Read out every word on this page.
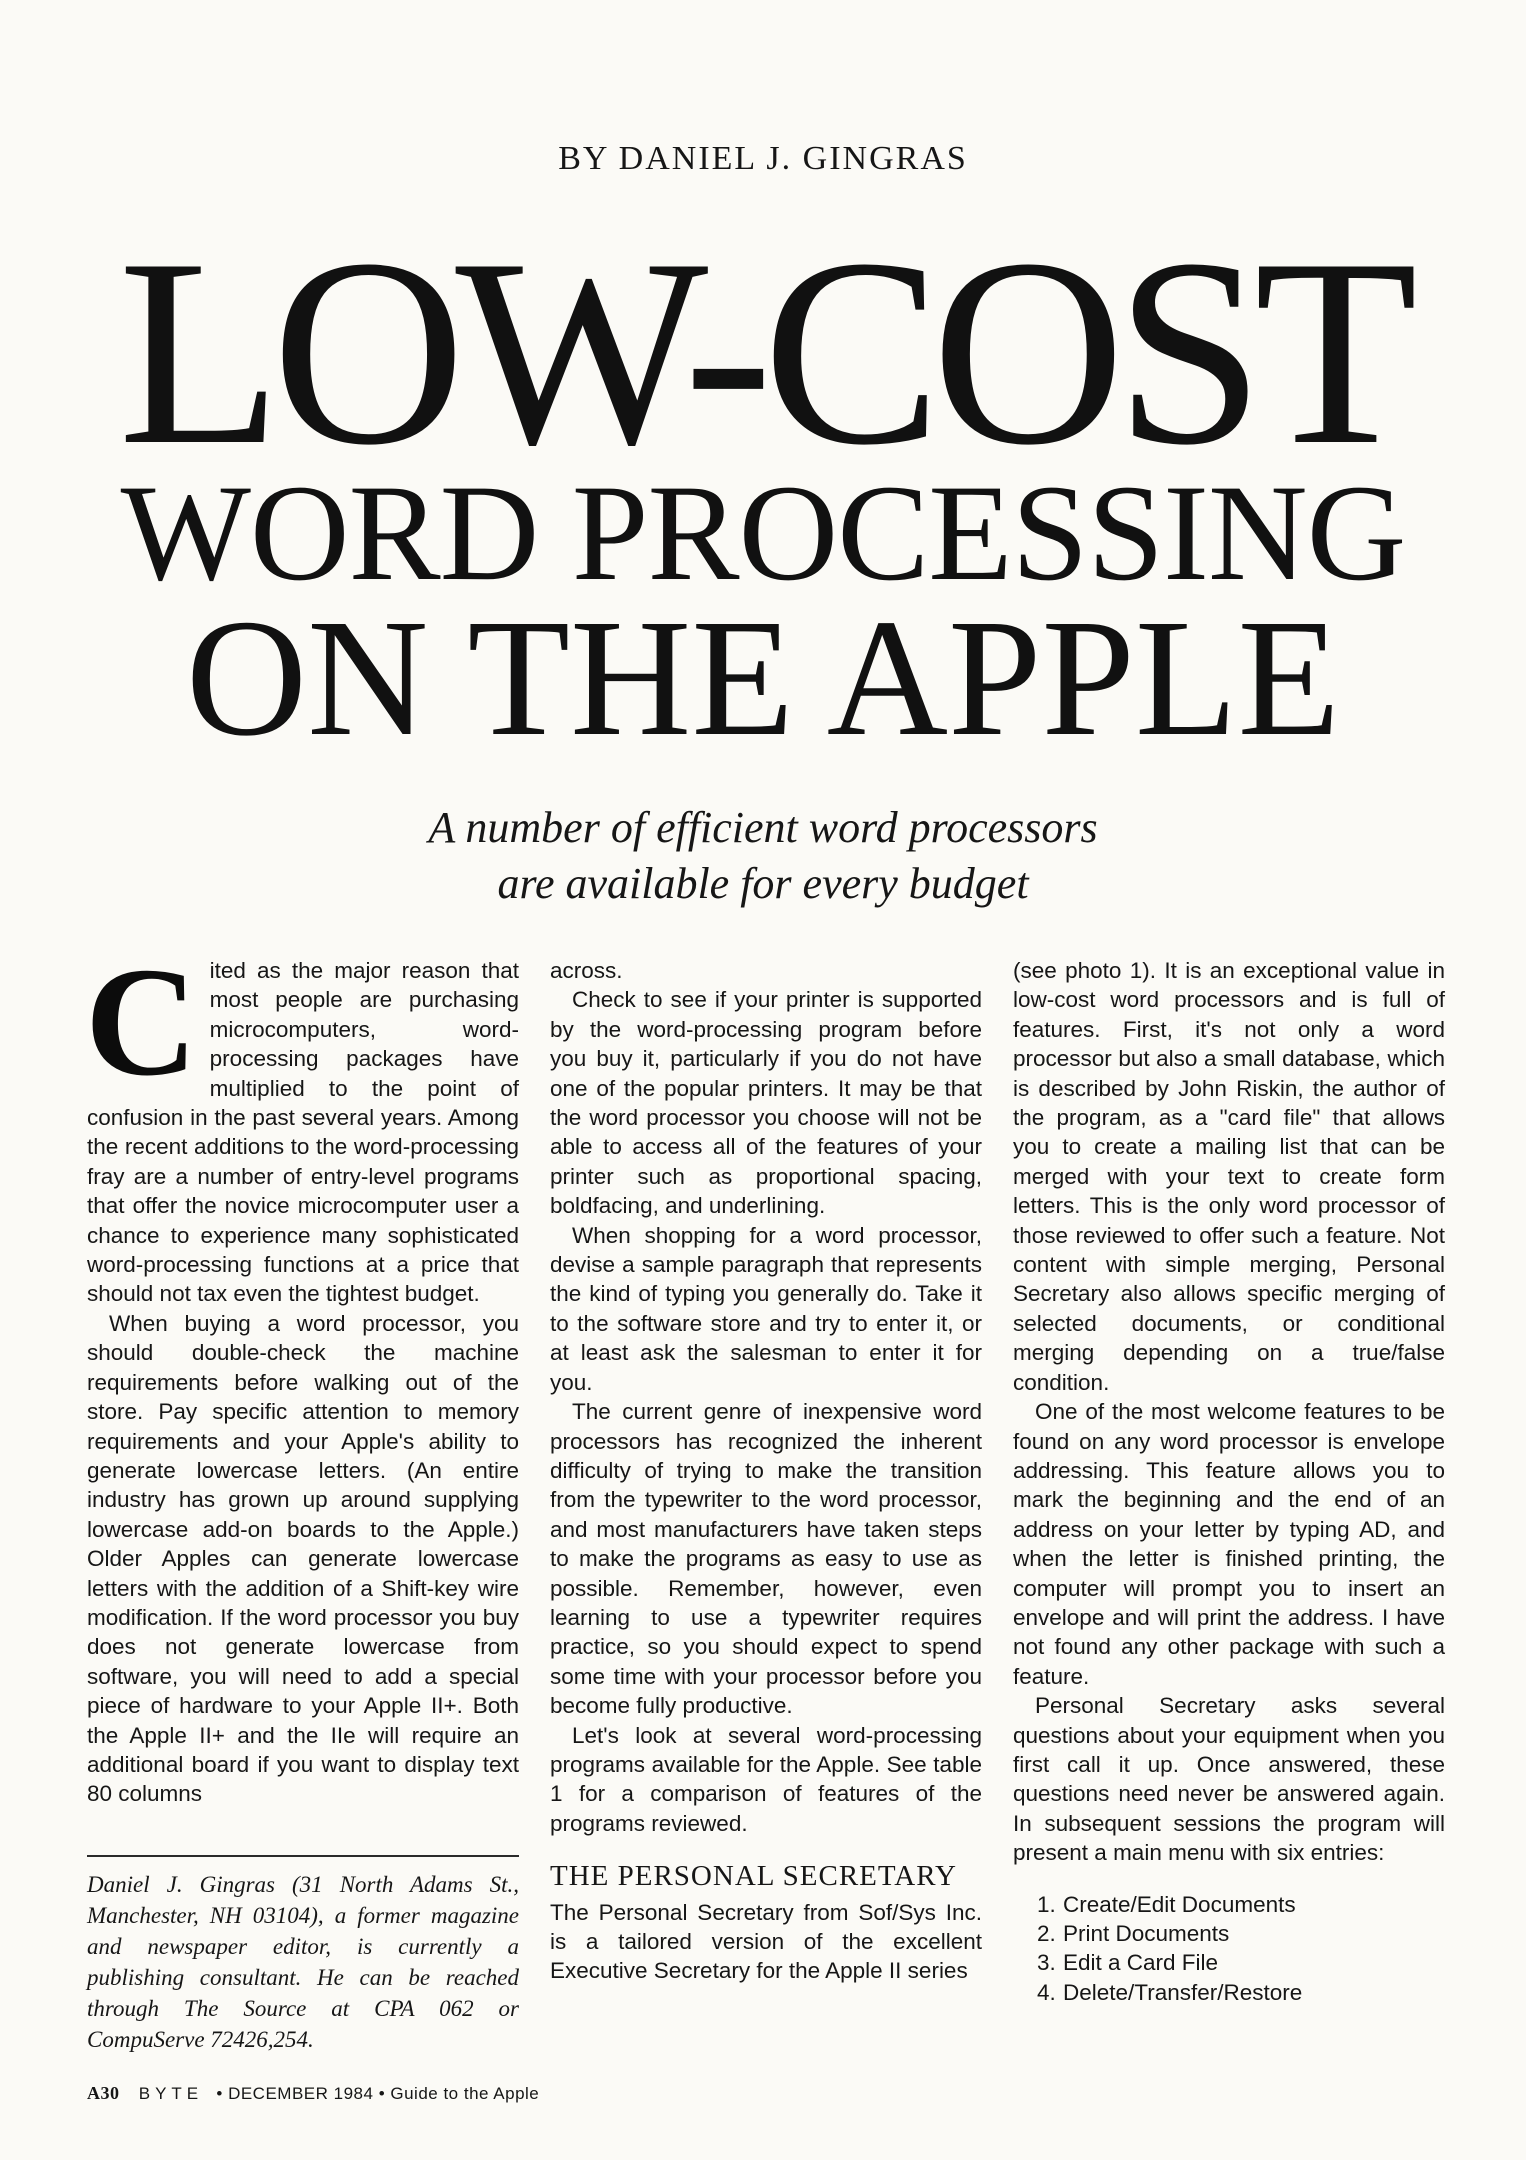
BY DANIEL J. GINGRAS
LOW-COST
WORD PROCESSING
ON THE APPLE
A number of efficient word processors
are available for every budget

Cited as the major reason that most people are purchasing microcomputers, word-processing packages have multiplied to the point of confusion in the past several years. Among the recent additions to the word-processing fray are a number of entry-level programs that offer the novice microcomputer user a chance to experience many sophisticated word-processing functions at a price that should not tax even the tightest budget.

When buying a word processor, you should double-check the machine requirements before walking out of the store. Pay specific attention to memory requirements and your Apple's ability to generate lowercase letters. (An entire industry has grown up around supplying lowercase add-on boards to the Apple.) Older Apples can generate lowercase letters with the addition of a Shift-key wire modification. If the word processor you buy does not generate lowercase from software, you will need to add a special piece of hardware to your Apple II+. Both the Apple II+ and the IIe will require an additional board if you want to display text 80 columns

Daniel J. Gingras (31 North Adams St., Manchester, NH 03104), a former magazine and newspaper editor, is currently a publishing consultant. He can be reached through The Source at CPA 062 or CompuServe 72426,254.

across.

Check to see if your printer is supported by the word-processing program before you buy it, particularly if you do not have one of the popular printers. It may be that the word processor you choose will not be able to access all of the features of your printer such as proportional spacing, boldfacing, and underlining.

When shopping for a word processor, devise a sample paragraph that represents the kind of typing you generally do. Take it to the software store and try to enter it, or at least ask the salesman to enter it for you.

The current genre of inexpensive word processors has recognized the inherent difficulty of trying to make the transition from the typewriter to the word processor, and most manufacturers have taken steps to make the programs as easy to use as possible. Remember, however, even learning to use a typewriter requires practice, so you should expect to spend some time with your processor before you become fully productive.

Let's look at several word-processing programs available for the Apple. See table 1 for a comparison of features of the programs reviewed.

THE PERSONAL SECRETARY

The Personal Secretary from Sof/Sys Inc. is a tailored version of the excellent Executive Secretary for the Apple II series

(see photo 1). It is an exceptional value in low-cost word processors and is full of features. First, it's not only a word processor but also a small database, which is described by John Riskin, the author of the program, as a "card file" that allows you to create a mailing list that can be merged with your text to create form letters. This is the only word processor of those reviewed to offer such a feature. Not content with simple merging, Personal Secretary also allows specific merging of selected documents, or conditional merging depending on a true/false condition.

One of the most welcome features to be found on any word processor is envelope addressing. This feature allows you to mark the beginning and the end of an address on your letter by typing AD, and when the letter is finished printing, the computer will prompt you to insert an envelope and will print the address. I have not found any other package with such a feature.

Personal Secretary asks several questions about your equipment when you first call it up. Once answered, these questions need never be answered again. In subsequent sessions the program will present a main menu with six entries:

1. Create/Edit Documents
2. Print Documents
3. Edit a Card File
4. Delete/Transfer/Restore
A30 BYTE • DECEMBER 1984 • Guide to the Apple
